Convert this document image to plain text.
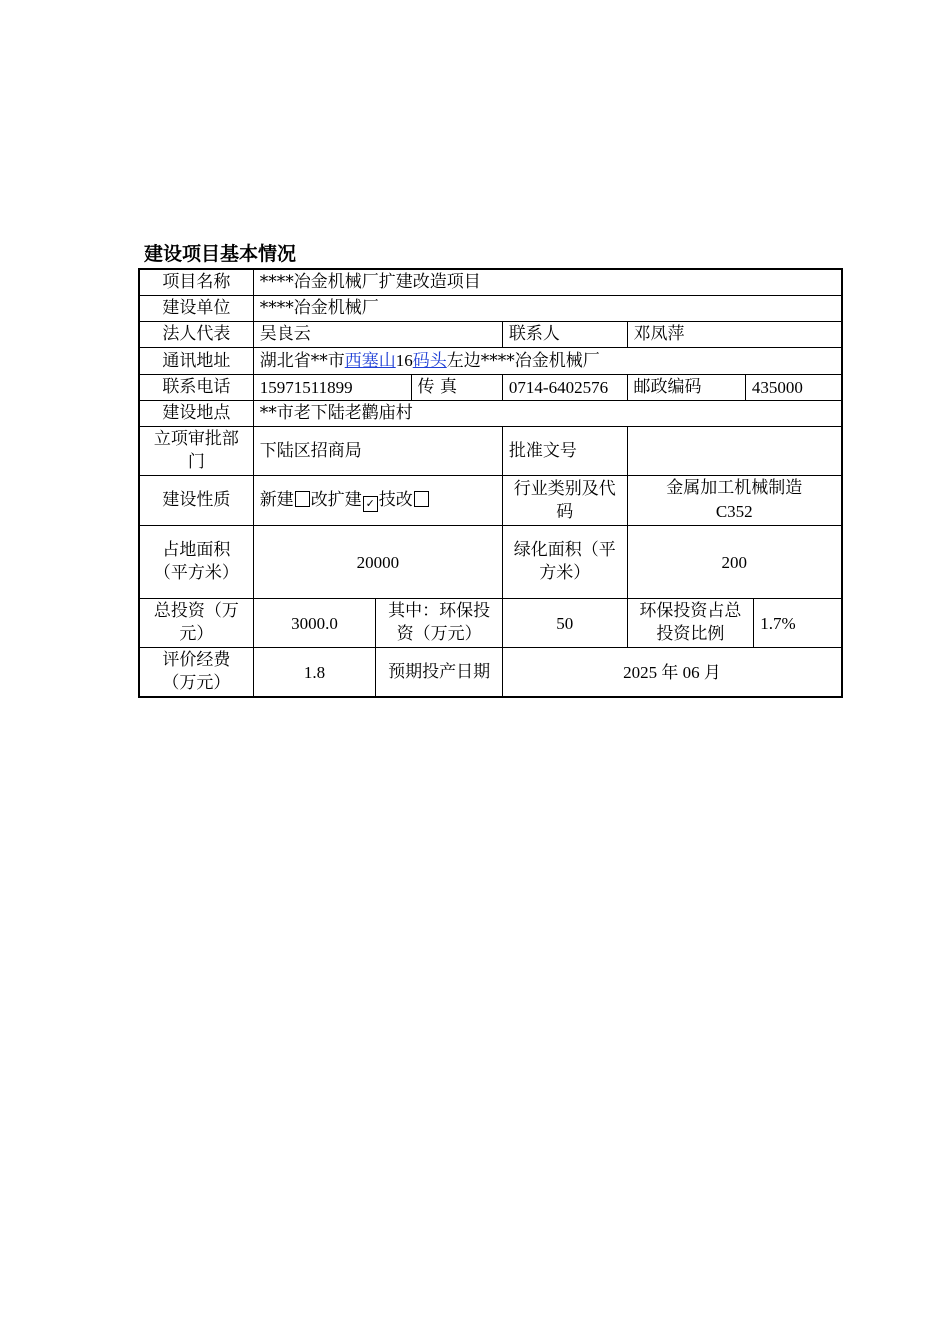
建设项目基本情况
项目名称	****冶金机械厂扩建改造项目						
建设单位	****冶金机械厂						
法人代表	吴良云			联系人	邓凤萍		
通讯地址	湖北省**市西塞山16码头左边****冶金机械厂						
联系电话	15971511899		传 真	0714-6402576	邮政编码	435000	
建设地点	**市老下陆老鹳庙村						
立项审批部门	下陆区招商局			批准文号			
建设性质	新建 改扩建 ✓ 技改			行业类别及代码	金属加工机械制造
C352		
占地面积（平方米）	20000			绿化面积（平方米）	200		
总投资（万元）	3000.0	其中：环保投资（万元）		50	环保投资占总投资比例		1.7%
评价经费（万元）	1.8	预期投产日期		2025 年 06 月			
